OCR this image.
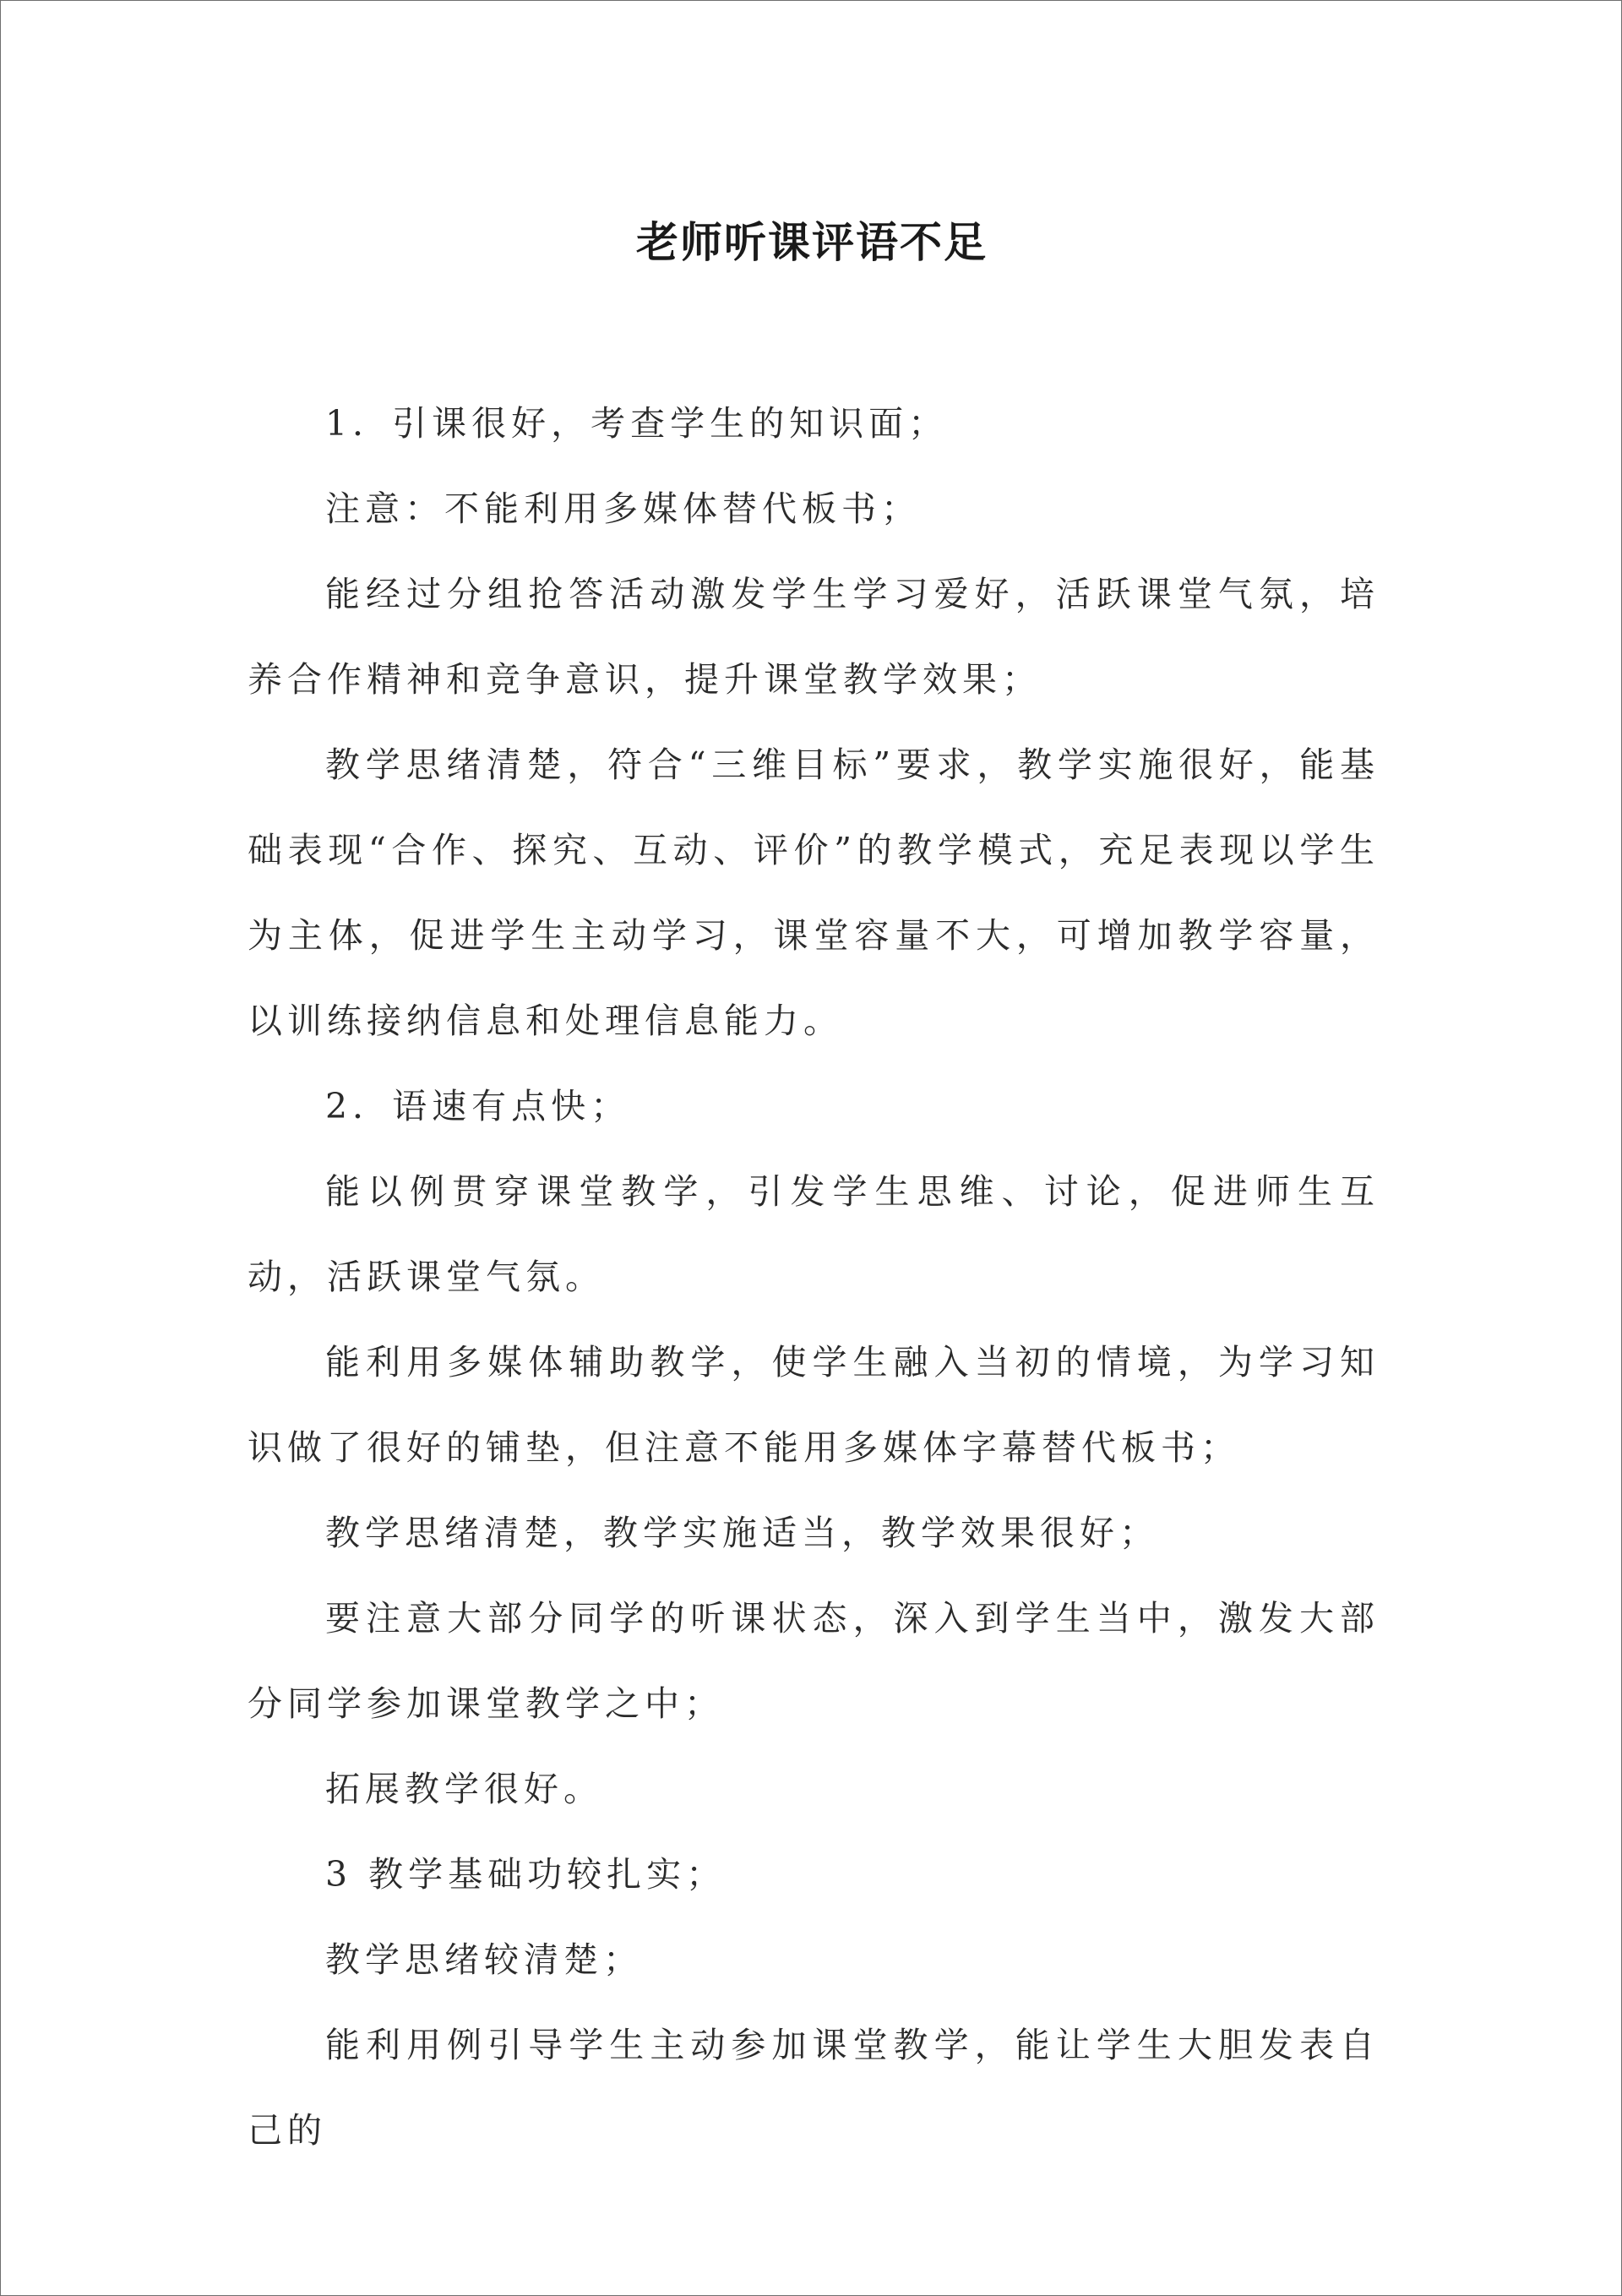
老师听课评语不足

1．引课很好，考查学生的知识面；

注意：不能利用多媒体替代板书；

能经过分组抢答活动激发学生学习爱好，活跃课堂气氛，培养合作精神和竞争意识，提升课堂教学效果；

教学思绪清楚，符合“三维目标”要求，教学实施很好，能基础表现“合作、探究、互动、评价”的教学模式，充足表现以学生为主体，促进学生主动学习，课堂容量不大，可增加教学容量，以训练接纳信息和处理信息能力。

2．语速有点快；

能以例贯穿课堂教学，引发学生思维、讨论，促进师生互动，活跃课堂气氛。

能利用多媒体辅助教学，使学生融入当初的情境，为学习知识做了很好的铺垫，但注意不能用多媒体字幕替代板书；

教学思绪清楚，教学实施适当，教学效果很好；

要注意大部分同学的听课状态，深入到学生当中，激发大部分同学参加课堂教学之中；

拓展教学很好。

3 教学基础功较扎实；

教学思绪较清楚；

能利用例引导学生主动参加课堂教学，能让学生大胆发表自己的
